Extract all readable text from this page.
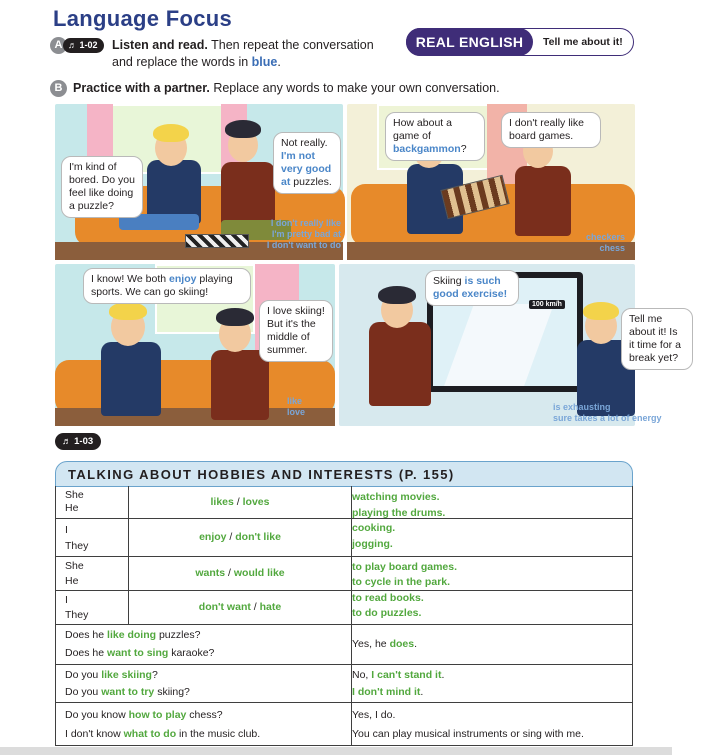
Language Focus
A ♬ 1-02 Listen and read. Then repeat the conversation and replace the words in blue.
REAL ENGLISH	Tell me about it!
B Practice with a partner. Replace any words to make your own conversation.
I'm kind of bored. Do you feel like doing a puzzle?
Not really. I'm not very good at puzzles.
I don't really like
I'm pretty bad at
I don't want to do
How about a game of backgammon?
I don't really like board games.
checkers
chess
I know! We both enjoy playing sports. We can go skiing!
I love skiing! But it's the middle of summer.
like
love
100 km/h
Skiing is such good exercise!
Tell me about it! Is it time for a break yet?
is exhausting
sure takes a lot of energy
♬ 1-03
TALKING ABOUT HOBBIES AND INTERESTS (P. 155)
She
He
likes / loves
I
They
enjoy / don't like
watching movies.
playing the drums.
cooking.
jogging.
She
He
wants / would like
I
They
don't want / hate
to play board games.
to cycle in the park.
to read books.
to do puzzles.
Does he like doing puzzles?
Does he want to sing karaoke?
Yes, he does.
Do you like skiing?
Do you want to try skiing?
No, I can't stand it.
I don't mind it.
Do you know how to play chess?
I don't know what to do in the music club.
Yes, I do.
You can play musical instruments or sing with me.
